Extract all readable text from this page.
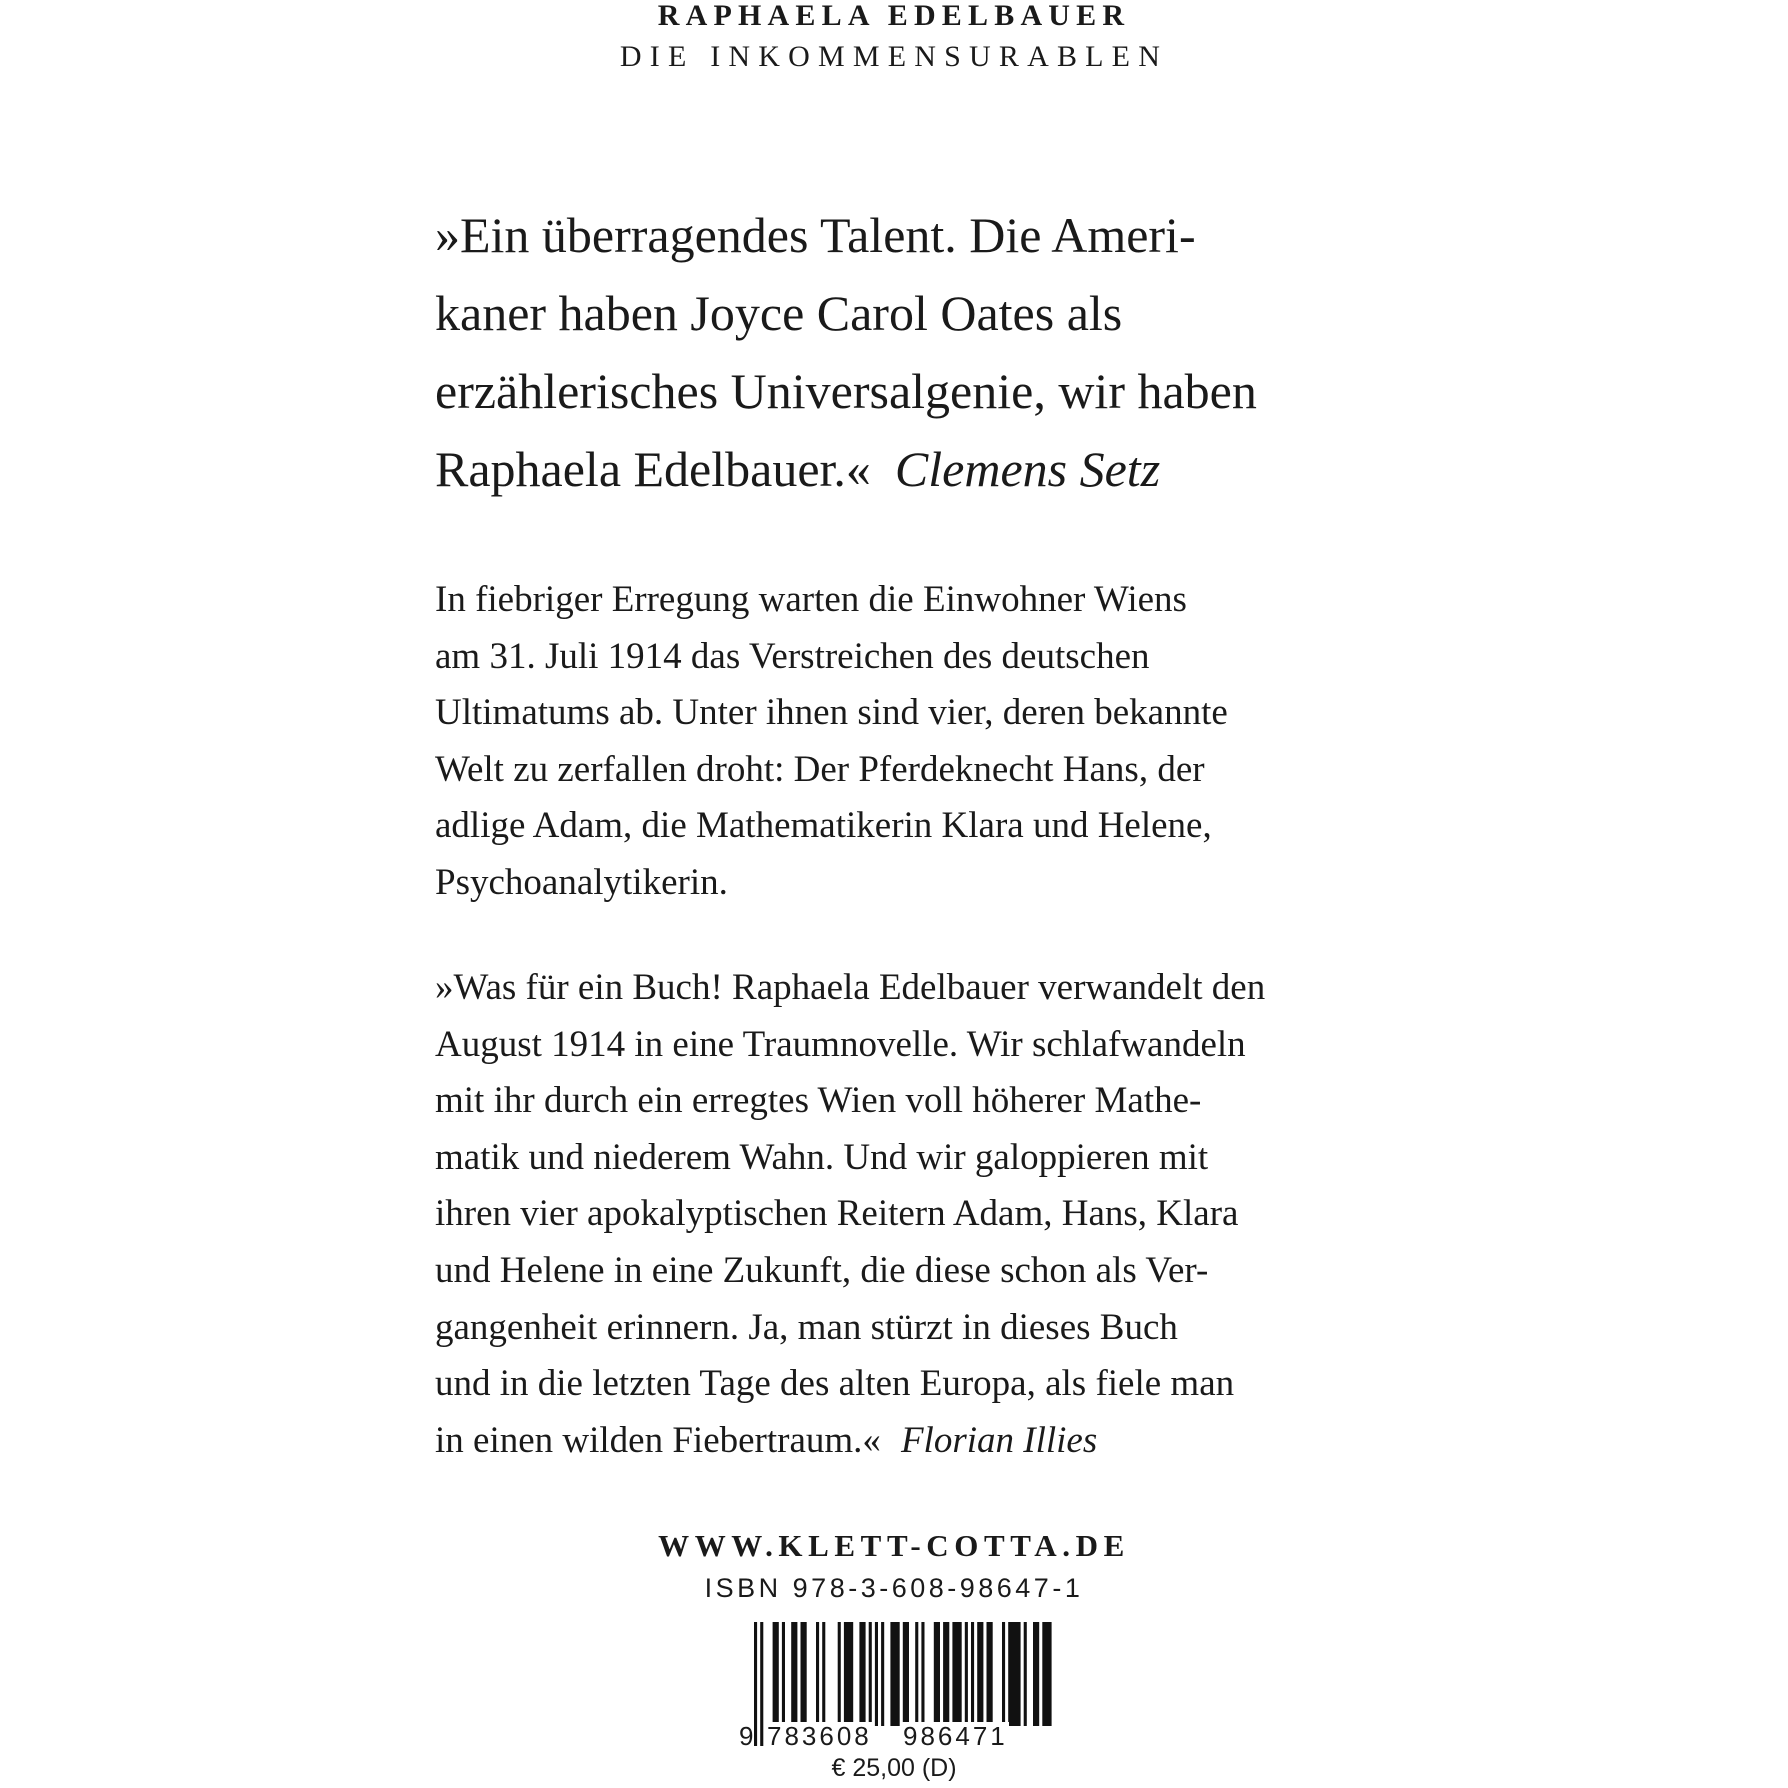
RAPHAELA EDELBAUER
DIE INKOMMENSURABLEN
»Ein überragendes Talent. Die Ameri-
kaner haben Joyce Carol Oates als
erzählerisches Universalgenie, wir haben
Raphaela Edelbauer.« Clemens Setz
In fiebriger Erregung warten die Einwohner Wiens
am 31. Juli 1914 das Verstreichen des deutschen
Ultimatums ab. Unter ihnen sind vier, deren bekannte
Welt zu zerfallen droht: Der Pferdeknecht Hans, der
adlige Adam, die Mathematikerin Klara und Helene,
Psychoanalytikerin.
»Was für ein Buch! Raphaela Edelbauer verwandelt den
August 1914 in eine Traumnovelle. Wir schlafwandeln
mit ihr durch ein erregtes Wien voll höherer Mathe-
matik und niederem Wahn. Und wir galoppieren mit
ihren vier apokalyptischen Reitern Adam, Hans, Klara
und Helene in eine Zukunft, die diese schon als Ver-
gangenheit erinnern. Ja, man stürzt in dieses Buch
und in die letzten Tage des alten Europa, als fiele man
in einen wilden Fiebertraum.« Florian Illies
WWW.KLETT-COTTA.DE
ISBN 978-3-608-98647-1
9 783608 986471
€ 25,00 (D)
